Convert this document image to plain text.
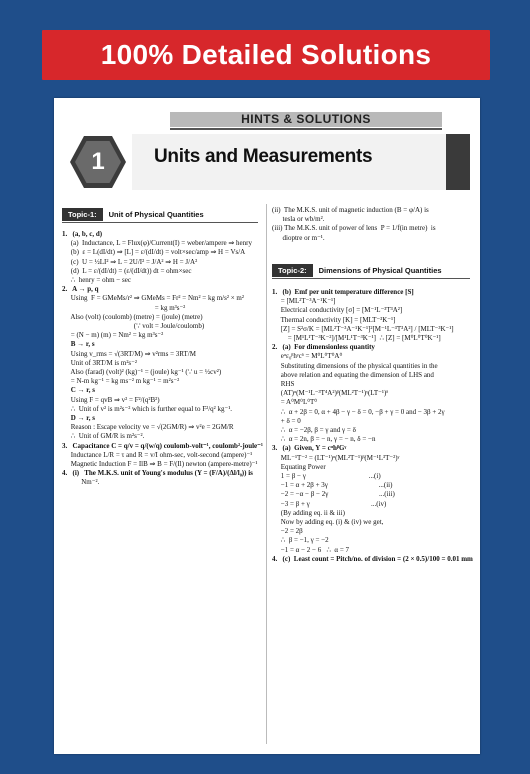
100% Detailed Solutions
HINTS & SOLUTIONS
1	Units and Measurements
Topic-1: Unit of Physical Quantities

1.   (a, b, c, d)

(a)  Inductance, L = Flux(φ)/Current(I) = weber/ampere ⇒ henry

(b)  ε = L(dI/dt) ⇒ [L] = ε/(dI/dt) = volt×sec/amp ⇒ H = Vs/A

(c)  U = ½LI² ⇒ L = 2U/I² = J/A² ⇒ H = J/A²

(d)  L = ε/(dI/dt) = (ε/(dI/dt)) dt = ohm×sec

∴  henry = ohm − sec

2.   A → p, q

Using  F = GMeMs/r² ⇒ GMeMs = Fr² = Nm² = kg m/s² × m²

= kg m³s⁻²

Also (volt) (coulomb) (metre) = (joule) (metre)

(∵ volt = Joule/coulomb)

= (N − m) (m) = Nm² = kg m³s⁻²

B → r, s

Using v_rms = √(3RT/M) ⇒ v²rms = 3RT/M

Unit of 3RT/M is m²s⁻²

Also (farad) (volt)² (kg)⁻¹ = (joule) kg⁻¹ (∵ u = ½cv²)

= N-m kg⁻¹ = kg ms⁻² m kg⁻¹ = m²s⁻²

C → r, s

Using F = qvB ⇒ v² = F²/(q²B²)

∴  Unit of v² is m²s⁻² which is further equal to F²/q² kg⁻¹.

D → r, s

Reason : Escape velocity ve = √(2GM/R) ⇒ v²e = 2GM/R

∴  Unit of GM/R is m²s⁻².

3.   Capacitance C = q/v = q/(w/q) coulomb-volt⁻¹, coulomb²-joule⁻¹

Inductance L/R = τ and R = v/I ohm-sec, volt-second (ampere)⁻¹

Magnetic Induction F = IlB ⇒ B = F/(Il) newton (ampere-metre)⁻¹

4.   (i)   The M.K.S. unit of Young's modulus (Y = (F/A)/(Δl/l₀)) is

Nm⁻².

(ii)  The M.K.S. unit of magnetic induction (B = φ/A) is

tesla or wb/m².

(iii) The M.K.S. unit of power of lens  P = 1/f(in metre)  is

dioptre or m⁻¹.

Topic-2: Dimensions of Physical Quantities

1.   (b)  Emf per unit temperature difference [S]

= [ML²T⁻³A⁻¹K⁻¹]

Electrical conductivity [σ] = [M⁻¹L⁻³T³A²]

Thermal conductivity [K] = [MLT⁻³K⁻¹]

[Z] = S²σ/K = [ML²T⁻³A⁻¹K⁻¹]²[M⁻¹L⁻³T³A²] / [MLT⁻³K⁻¹]

= [M¹L¹T⁻³K⁻²]/[M¹L¹T⁻³K⁻¹]  ∴ [Z] = [M⁰L⁰T⁰K⁻¹]

2.   (a)  For dimensionless quantity

eᵅε₀ᵝhᵞcᵟ = M⁰L⁰T⁰A⁰

Substituting dimensions of the physical quantities in the

above relation and equating the dimension of LHS and

RHS

(AT)ᵅ(M⁻¹L⁻³T⁴A²)ᵝ(ML²T⁻¹)ᵞ(LT⁻¹)ᵟ

= A⁰M⁰L⁰T⁰

∴  α + 2β = 0, α + 4β − γ − δ = 0, −β + γ = 0 and − 3β + 2γ

+ δ = 0

∴  α = −2β, β = γ and γ = δ

∴  α = 2n, β = − n, γ = − n, δ = −n

3.   (a)  Given, Y = cᵅhᵝGᵞ

ML⁻¹T⁻² = (LT⁻¹)ᵅ(ML²T⁻¹)ᵝ(M⁻¹L³T⁻²)ᵞ

Equating Power

1 = β − γ                                    ...(i)

−1 = α + 2β + 3γ                             ...(ii)

−2 = −α − β − 2γ                             ...(iii)

−3 = β + γ                                   ...(iv)

(By adding eq. ii & iii)

Now by adding eq. (i) & (iv) we get,

−2 = 2β

∴  β = −1, γ = −2

−1 = α − 2 − 6   ∴  α = 7

4.   (c)  Least count = Pitch/no. of division = (2 × 0.5)/100 = 0.01 mm
